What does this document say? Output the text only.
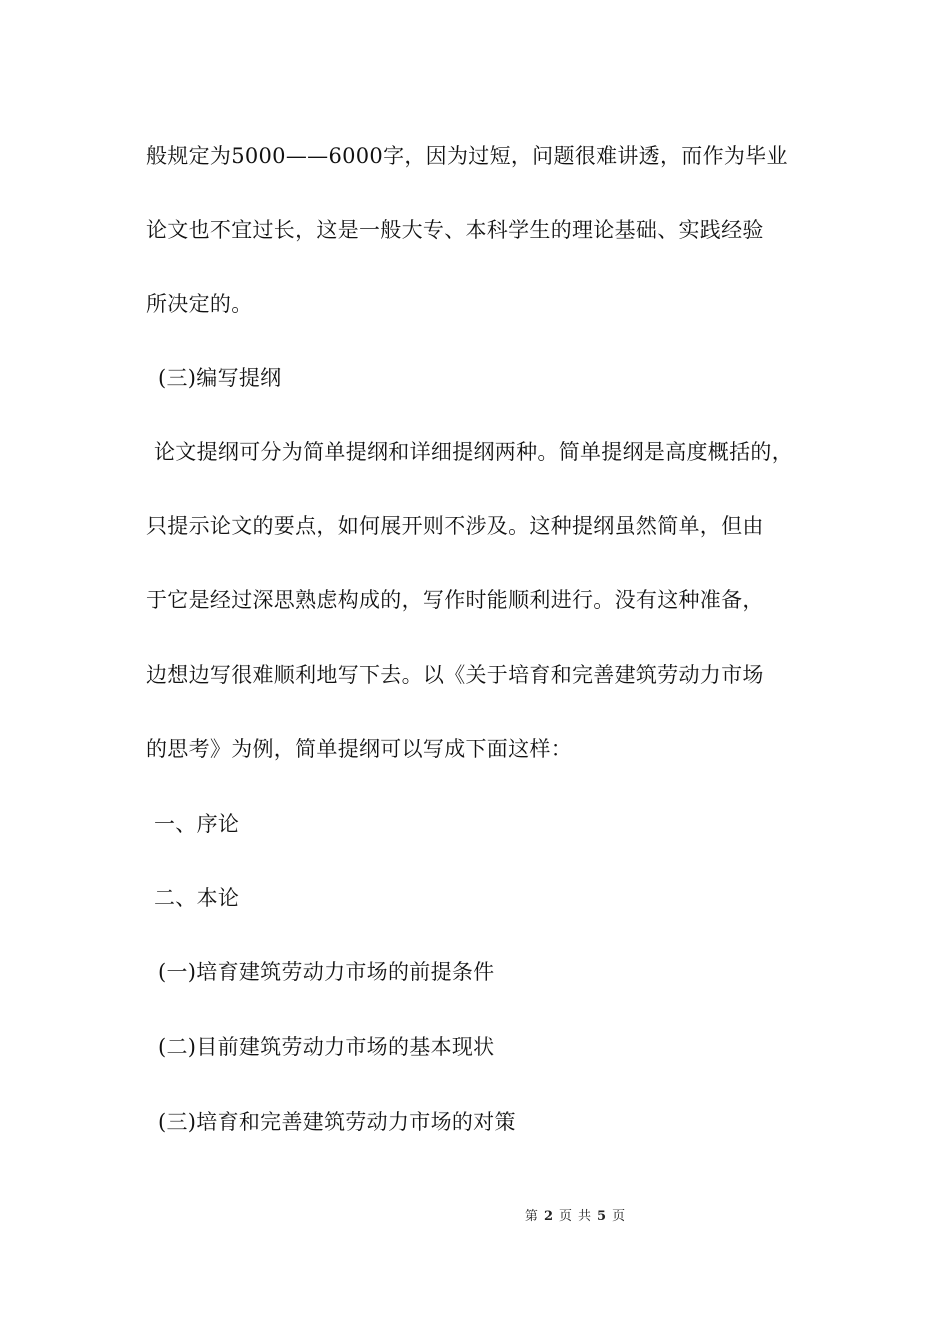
般规定为5000——6000字，因为过短，问题很难讲透，而作为毕业
论文也不宜过长，这是一般大专、本科学生的理论基础、实践经验
所决定的。
(三)编写提纲
论文提纲可分为简单提纲和详细提纲两种。简单提纲是高度概括的，
只提示论文的要点，如何展开则不涉及。这种提纲虽然简单，但由
于它是经过深思熟虑构成的，写作时能顺利进行。没有这种准备，
边想边写很难顺利地写下去。以《关于培育和完善建筑劳动力市场
的思考》为例，简单提纲可以写成下面这样：
一、序论
二、本论
(一)培育建筑劳动力市场的前提条件
(二)目前建筑劳动力市场的基本现状
(三)培育和完善建筑劳动力市场的对策
第 2 页 共 5 页
